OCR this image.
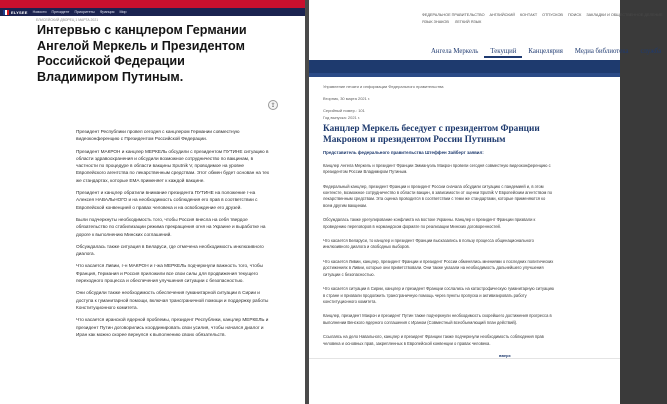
ELYSEE Новости Президент Приоритеты Франция Мир
ЕЛИСЕЙСКИЙ ДВОРЕЦ 1 МАРТА 2021
Интервью с канцлером Германии Ангелой Меркель и Президентом Российской Федерации Владимиром Путиным.
⇪

Президент Республики провел сегодня с канцлером Германии совместную видеоконференцию с Президентом Российской Федерации.

Президент МАКРОН и канцлер МЕРКЕЛЬ обсудили с президентом ПУТИНЕ ситуацию в области здравоохранения и обсудили возможное сотрудничество по вакцинам, в частности по процедуре в области вакцины Sputnik V, проводимое на уровне Европейского агентства по лекарственным средствам. Этот обмен будет основан на тех же стандартах, которые EMA применяет к каждой вакцине.

Президент и канцлер обратили внимание президента ПУТИНЕ на положение г-на Алексея НАВАЛЬНОГО и на необходимость соблюдения его прав в соответствии с Европейской конвенцией о правах человека и на освобождение его друзей.

Были подчеркнуты необходимость того, чтобы Россия внесла на себя твердое обязательство по стабилизации режима прекращения огня на Украине и выработке на дороге к выполнению Минских соглашений.

Обсуждалась также ситуация в Беларуси, где отмечена необходимость инклюзивного диалога.

Что касается Ливии, г-н МАКРОН и г-жа МЕРКЕЛЬ подчеркнули важность того, чтобы Франция, Германия и Россия приложили все свои силы для продвижения текущего переходного процесса и обеспечения улучшения ситуации с безопасностью.

Они обсудили также необходимость обеспечения гуманитарной ситуации в Сирии и доступа к гуманитарной помощи, включая трансграничной помощи и поддержку работы Конституционного комитета.

Что касается иранской ядерной проблемы, президент Республики, канцлер МЕРКЕЛЬ и президент Путин договорились координировать свои усилия, чтобы начался диалог и Иран как можно скорее вернулся к выполнению своих обязательств.

ФЕДЕРАЛЬНОЕ ПРАВИТЕЛЬСТВО АНГЛИЙСКИЙ КОНТАКТ ОТПУСКОВ ПОИСК ЗАКЛАДКИ И ОБЩЕСТВЕННОЕ ДЕЛЕНИЕ
ЯЗЫК ЗНАКОВ ЛЕГКИЙ ЯЗЫК
Ангела Меркель	Текущий	Канцелярия	Медиа библиотека	служба
Управление печати и информации Федерального правительства
Вторник, 30 марта 2021 г.
Серийный номер.: 101
Год выпуска: 2021 г.
Канцлер Меркель беседует с президентом Франции Макроном и президентом России Путиным
Представитель федерального правительства Штеффен Зайберт заявил:

Канцлер Ангела Меркель и президент Франции Эммануэль Макрон провели сегодня совместную видеоконференцию с президентом России Владимиром Путиным.

Федеральный канцлер, президент Франции и президент России сначала обсудили ситуацию с пандемией и, в этом контексте, возможное сотрудничество в области вакцин, в зависимости от оценки Sputnik V Европейским агентством по лекарственным средствам. Эта оценка проводится в соответствии с теми же стандартами, которые применяются ко всем другим вакцинам.

Обсуждалась также урегулирование конфликта на востоке Украины. Канцлер и президент Франции призвали к проведению переговоров в нормандском формате по реализации Минских договоренностей.

Что касается Беларуси, то канцлер и президент Франции высказались в пользу процесса общенационального инклюзивного диалога и свободных выборов.

Что касается Ливии, канцлер, президент Франции и президент России обменялись мнениями о последних политических достижениях в Ливии, которые они приветствовали. Они также указали на необходимость дальнейшего улучшения ситуации с безопасностью.

Что касается ситуации в Сирии, канцлер и президент Франции сослались на катастрофическую гуманитарную ситуацию в стране и призвали продолжить трансграничную помощь через пункты пропуска и активизировать работу конституционного комитета.

Канцлер, президент Макрон и президент Путин также подчеркнули необходимость скорейшего достижения прогресса в выполнении Венского ядерного соглашения с Ираном (Совместный всеобъемлющий план действий).

Ссылаясь на дело Навального, канцлер и президент Франции также подчеркнули необходимость соблюдения прав человека и основных прав, закрепленных в Европейской конвенции о правах человека.

вверх
